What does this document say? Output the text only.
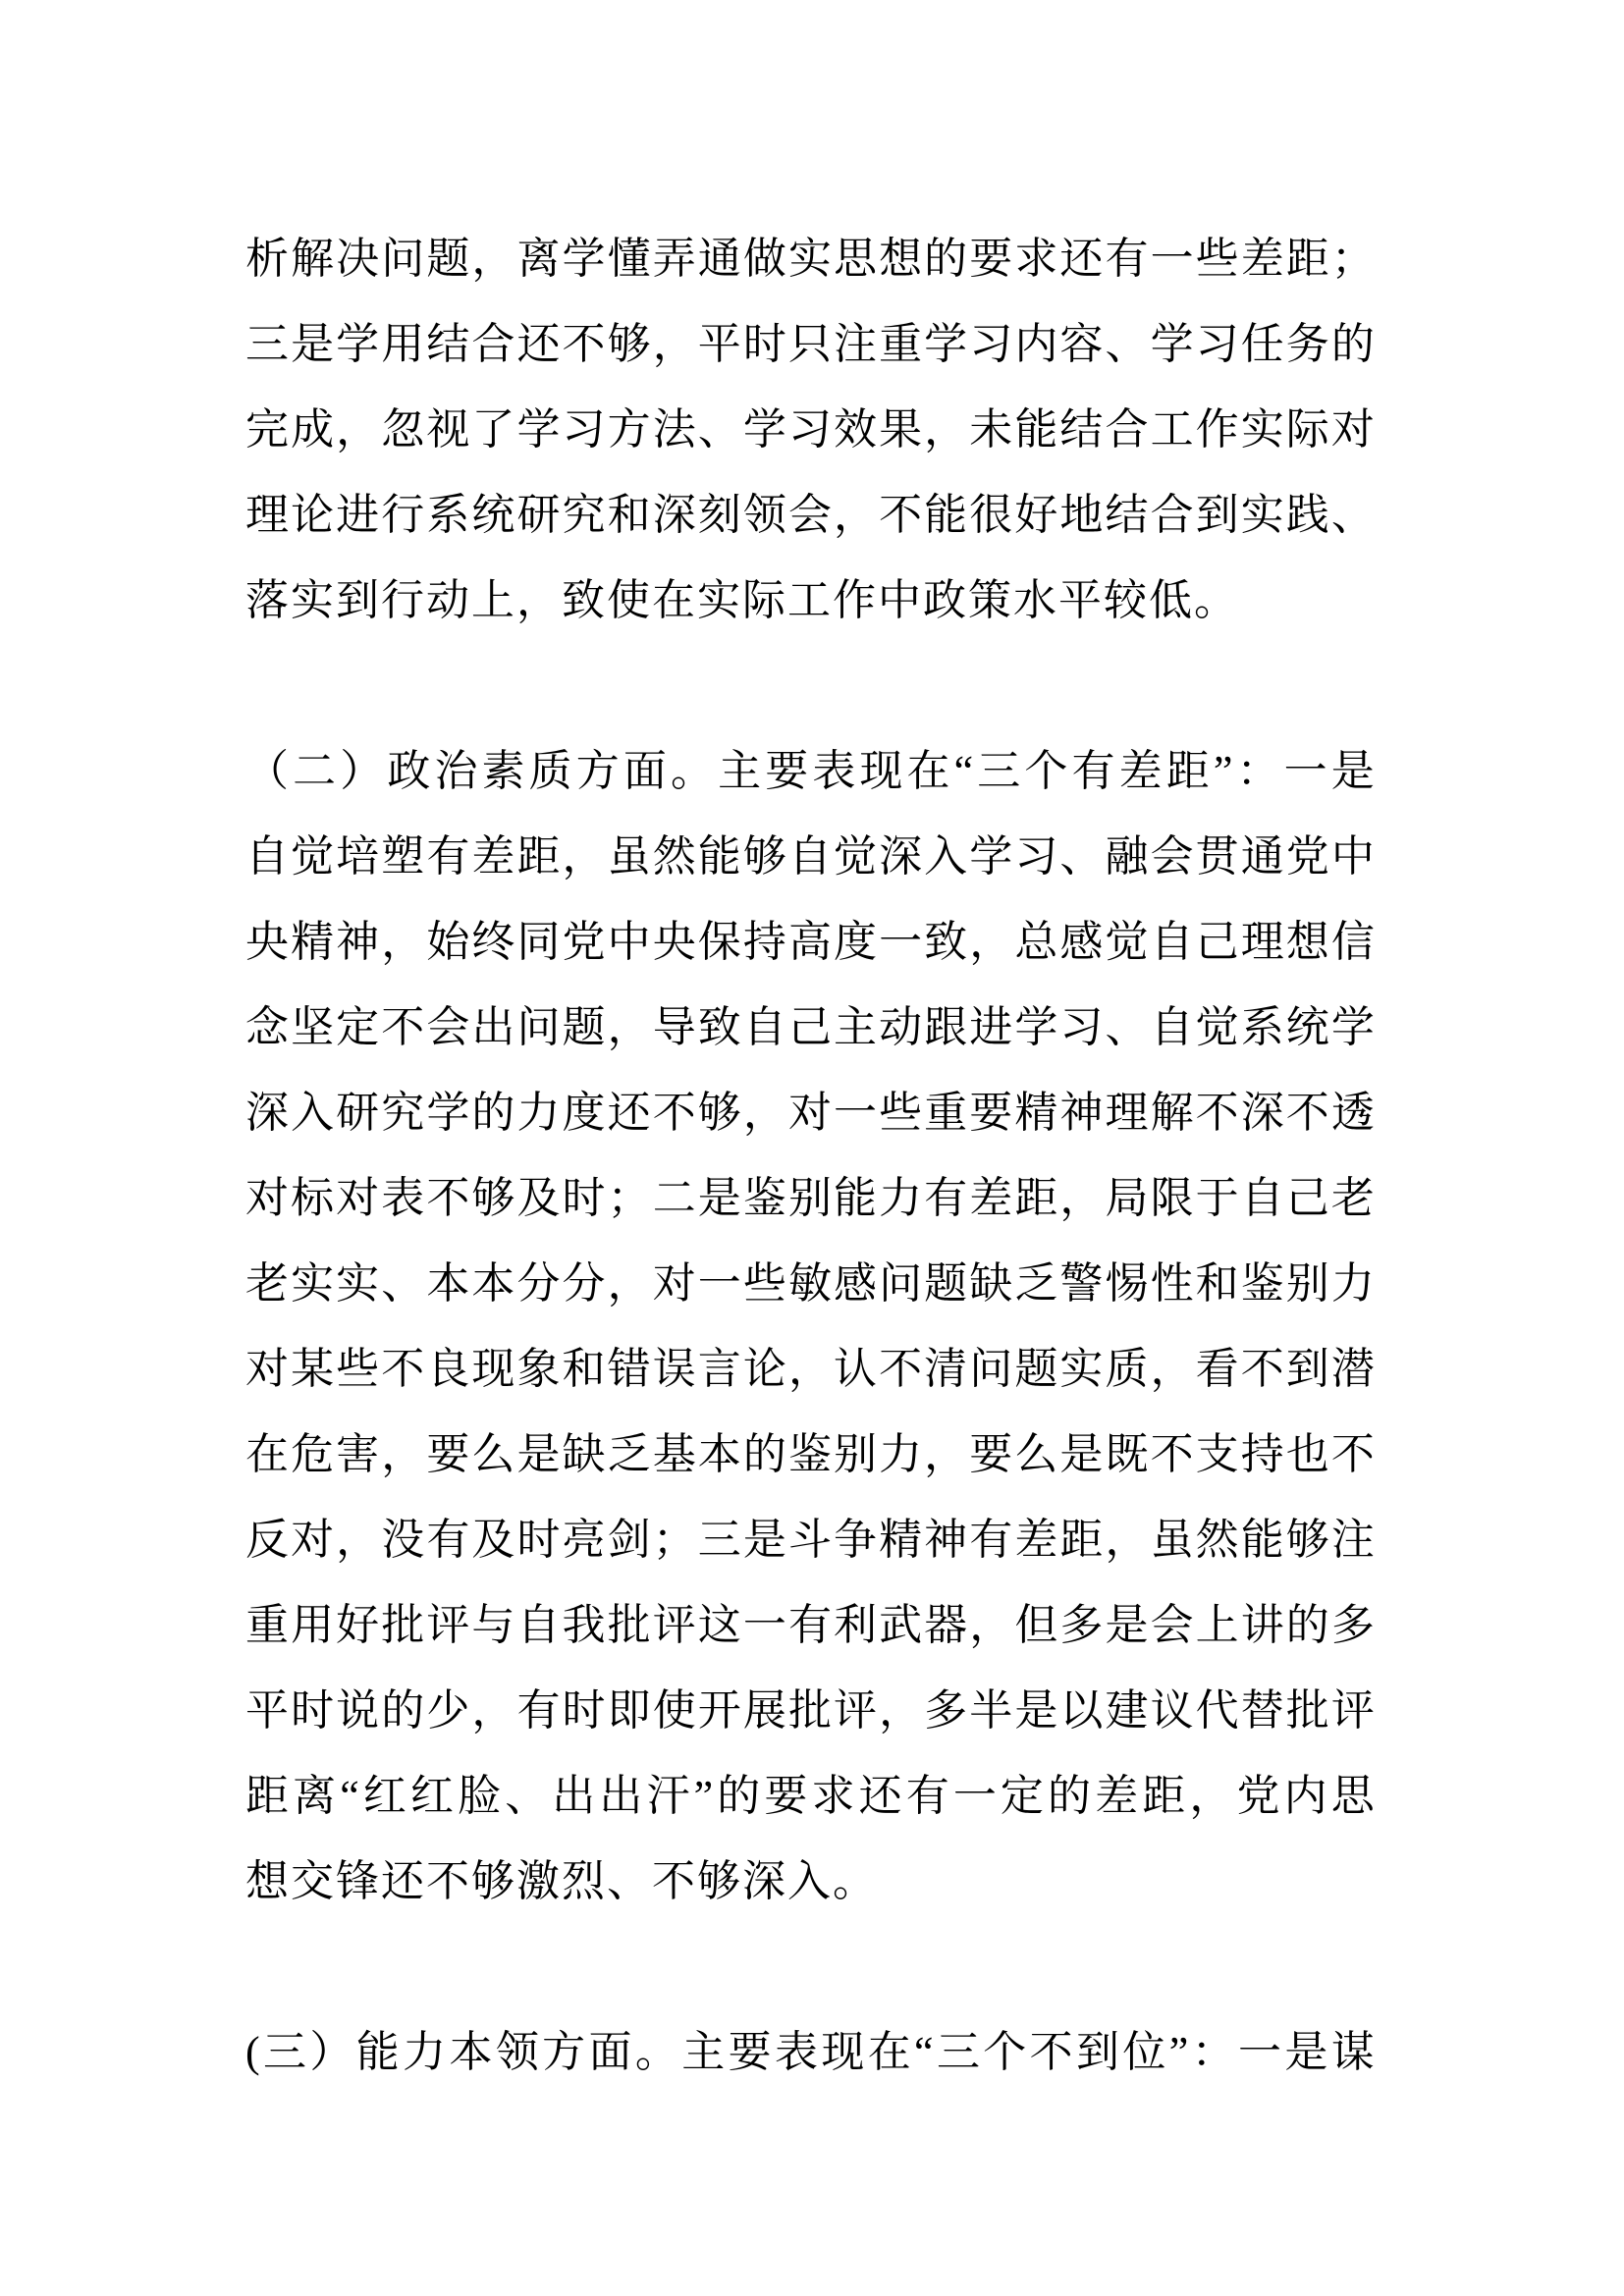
析 解 决 问 题 ， 离 学 懂 弄 通 做 实 思 想 的 要 求 还 有 一 些 差 距 ；
三 是 学 用 结 合 还 不 够 ， 平 时 只 注 重 学 习 内 容 、 学 习 任 务 的
完 成 ， 忽 视 了 学 习 方 法 、 学 习 效 果 ， 未 能 结 合 工 作 实 际 对
理 论 进 行 系 统 研 究 和 深 刻 领 会 ， 不 能 很 好 地 结 合 到 实 践 、
落实到行动上，致使在实际工作中政策水平较低。
（ 二 ） 政 治 素 质 方 面 。 主 要 表 现 在 “ 三 个 有 差 距 ” ： 一 是
自 觉 培 塑 有 差 距 ， 虽 然 能 够 自 觉 深 入 学 习 、 融 会 贯 通 党 中
央 精 神 ， 始 终 同 党 中 央 保 持 高 度 一 致 ， 总 感 觉 自 己 理 想 信
念 坚 定 不 会 出 问 题 ， 导 致 自 己 主 动 跟 进 学 习 、 自 觉 系 统 学
深 入 研 究 学 的 力 度 还 不 够 ， 对 一 些 重 要 精 神 理 解 不 深 不 透
对 标 对 表 不 够 及 时 ； 二 是 鉴 别 能 力 有 差 距 ， 局 限 于 自 己 老
老 实 实 、 本 本 分 分 ， 对 一 些 敏 感 问 题 缺 乏 警 惕 性 和 鉴 别 力
对 某 些 不 良 现 象 和 错 误 言 论 ， 认 不 清 问 题 实 质 ， 看 不 到 潜
在 危 害 ， 要 么 是 缺 乏 基 本 的 鉴 别 力 ， 要 么 是 既 不 支 持 也 不
反 对 ， 没 有 及 时 亮 剑 ； 三 是 斗 争 精 神 有 差 距 ， 虽 然 能 够 注
重 用 好 批 评 与 自 我 批 评 这 一 有 利 武 器 ， 但 多 是 会 上 讲 的 多
平 时 说 的 少 ， 有 时 即 使 开 展 批 评 ， 多 半 是 以 建 议 代 替 批 评
距 离 “ 红 红 脸 、 出 出 汗 ” 的 要 求 还 有 一 定 的 差 距 ， 党 内 思
想交锋还不够激烈、不够深入。
( 三 ） 能 力 本 领 方 面 。 主 要 表 现 在 “ 三 个 不 到 位 ” ： 一 是 谋
